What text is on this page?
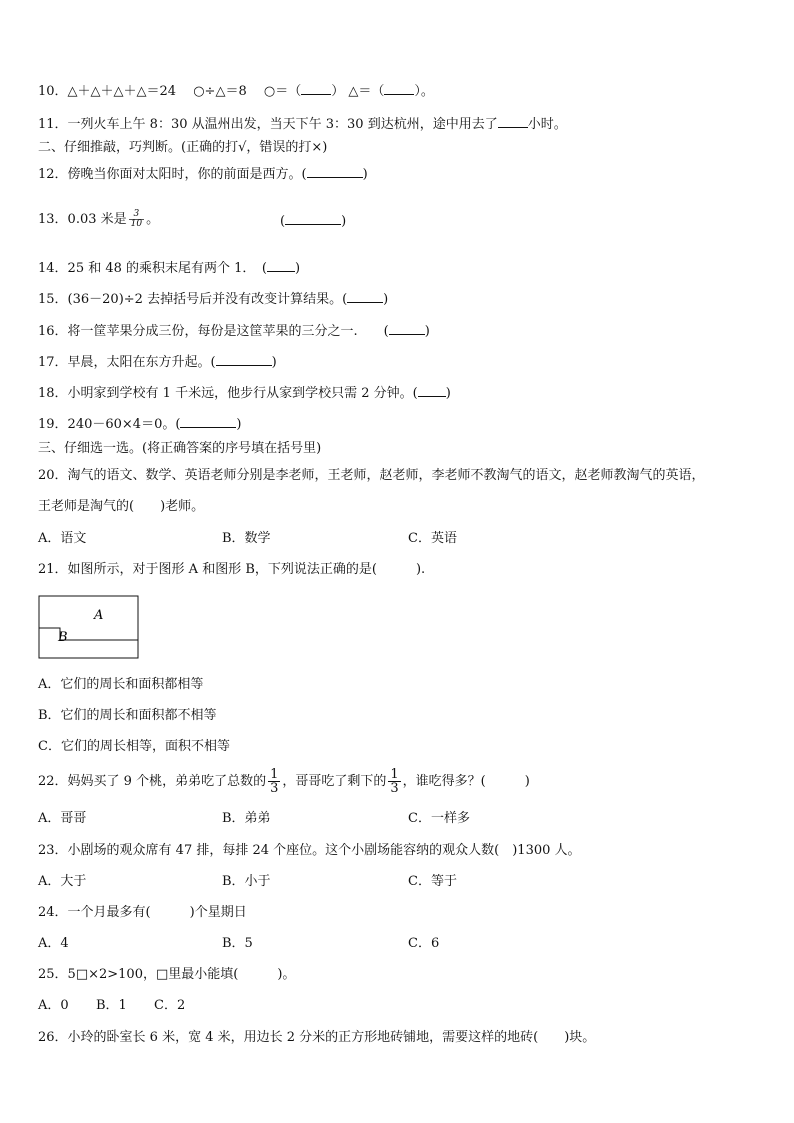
10．△＋△＋△＋△＝24　 ○÷△＝8　 ○＝（ ） △＝（ ）。
11．一列火车上午 8：30 从温州出发，当天下午 3：30 到达杭州，途中用去了 小时。
二、仔细推敲，巧判断。(正确的打√，错误的打×)
12．傍晚当你面对太阳时，你的前面是西方。(	)
13．0.03 米是 $\frac{3}{10}$ 。	(	)
14．25 和 48 的乘积末尾有两个 1．　( )
15．(36－20)÷2 去掉括号后并没有改变计算结果。(	)
16．将一筐苹果分成三份，每份是这筐苹果的三分之一.　　(	)
17．早晨，太阳在东方升起。(	)
18．小明家到学校有 1 千米远，他步行从家到学校只需 2 分钟。( )
19．240－60×4＝0。(	)
三、仔细选一选。(将正确答案的序号填在括号里)
20．淘气的语文、数学、英语老师分别是李老师，王老师，赵老师，李老师不教淘气的语文，赵老师教淘气的英语，
王老师是淘气的(　　)老师。
A．语文	B．数学	C．英语
21．如图所示，对于图形 A 和图形 B，下列说法正确的是(　　　).
A
B
A．它们的周长和面积都相等
B．它们的周长和面积都不相等
C．它们的周长相等，面积不相等
22．妈妈买了 9 个桃，弟弟吃了总数的 $\frac{1}{3}$ ，哥哥吃了剩下的 $\frac{1}{3}$ ，谁吃得多？(　　　)
A．哥哥	B．弟弟	C．一样多
23．小剧场的观众席有 47 排，每排 24 个座位。这个小剧场能容纳的观众人数(　)1300 人。
A．大于	B．小于	C．等于
24．一个月最多有(　　　)个星期日
A．4	B．5	C．6
25．5□×2>100，□里最小能填(　　　)。
A．0 B．1 C．2
26．小玲的卧室长 6 米，宽 4 米，用边长 2 分米的正方形地砖铺地，需要这样的地砖(　　)块。
